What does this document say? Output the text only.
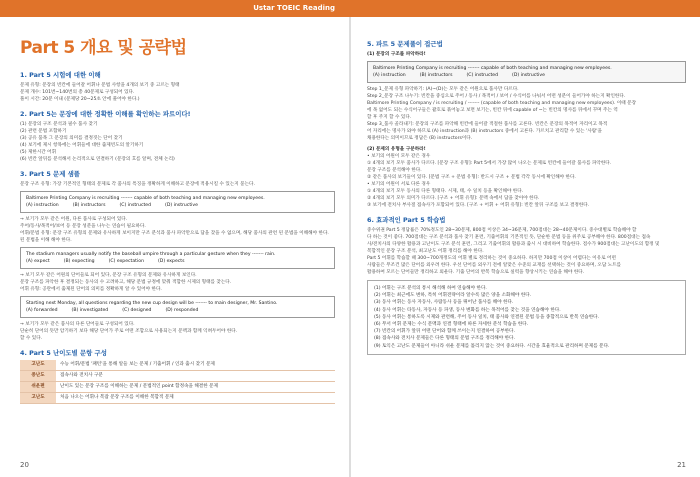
Ustar TOEIC Reading
Part 5 개요 및 공략법
1. Part 5 시험에 대한 이해
문제 유형: 문장의 빈칸에 들어갈 어휘나 문법 사항을 4개의 보기 중 고르는 형태
문제 개수: 101번~140번의 총 40문제로 구성되어 있다.
풀이 시간: 20분 이내 (문제당 20~25초 안에 풀어야 한다.)
2. Part 5는 문장에 대한 정확한 이해를 확인하는 파트이다!
(1) 문장의 구조 분석과 필수 품사 찾기
(2) 관련 문법 포함하기
(3) 공유 품목 그 문장의 의미를 결정짓는 단어 찾기
(4) 보기에 제시 항목에는 어휘들에 대한 출제빈도의 알기하기
(5) 제한시간 어휘
(6) 빈칸 앞뒤를 분석해서 논리적으로 연결하기 (문장의 흐름 알며, 전체 논리)
3. Part 5 문제 샘플
문장 구조 유형: 가장 기본적인 형태의 문제로 각 품사의 특징을 정확하게 이해하고 문장에 적용시킬 수 있는지 묻는다.
Baltimore Printing Company is recruiting ------- capable of both teaching and managing new employees.
(A) instruction	(B) instructors	(C) instructed	(D) instructive
→ 보기가 모두 같은 어원, 다른 품사로 구성되어 있다.
주어/동사/목적어/보어 등 문장 성분을 나누는 연습이 필요하다.
어휘/문법 유형: 문장 구조 유형의 문제와 유사하게 보이지만 구조 분석과 품사 파악만으로 답을 찾을 수 없으며, 해당 품사의 관련 된 문법을 이해해야 한다.
된 문법을 이해 해야 한다.
The stadium managers usually notify the baseball umpire through a particular gesture when they ------- rain.
(A) expect	(B) expecting	(C) expectation	(D) expects
→ 보기 모두 같은 어원의 단어들로 되어 있다, 문장 구조 유형의 문제와 유사하게 보인다.
문장 구조를 파악한 후 결정되는 동사의 수 고려하고, 해당 문법 규정에 맞춰 적합한 시제의 형태를 찾는다.
어휘 유형: 공란에서 출제된 단어의 의미를 정확하게 알 수 있어야 한다.
Starting next Monday, all questions regarding the new cup design will be ------- to main designer, Mr. Santino.
(A) forwarded	(B) investigated	(C) designed	(D) responded
→ 보기가 모두 같은 품사의 다른 단어들로 구성되어 있다.
단순히 단어의 뜻만 암기하기 보다 해당 단어가 주로 어떤 조합으로 사용되는지 문맥과 함께 익혀두어야 한다.
할 수 있다.
4. Part 5 난이도별 문항 구성
고난도	수능 어휘/문법 '패턴'을 통해 알들 보는 문제 / 기출어휘 / 인과 출시 찾기 문제
중난도	접속사와 전치사 구분
쉬운편	난이도 있는 문장 구조를 이해하는 문제 / 문법적인 point 함정속을 해결한 문제
고난도	처음 나오는 어휘나 복잡 문장 구조를 이해한 복합적 문제
20
5. 파트 5 문제풀이 접근법
(1) 문장의 구조를 파악하라!
Baltimore Printing Company is recruiting ------- capable of both teaching and managing new employees.
(A) instruction	(B) instructors	(C) instructed	(D) instructive
Step 1_문제 유형 파악하기: (A)~(D)는 모두 같은 어원으로 품사만 다르다.
Step 2_문장 구조 나누기: 빈칸을 중심으로 주어 / 동사 / 목적어 / 보어 / 수식어를 나눠서 어떤 성분이 들어가야 하는지 확인한다.
Baltimore Printing Company / is recruiting / ------- (capable of both teaching and managing new employees). 이때 문장
에 목 없어도 되는 수식어구들은 괄호로 묶어놓고 보면 보기는, 빈칸 뒤에 capable of ~는 빈칸의 명사를 뒤에서 꾸며 주는 역
할 후 주지 할 수 있다.
Step 3_품사 골라내기: 문장의 구조를 파악해 빈칸에 들어갈 적절한 품사를 고른다. 빈칸은 문장의 목적어 자리이고 목적
어 자리에는 명사가 와야 하므로 (A) instruction과 (B) instructors 중에서 고른다. 가르치고 관리할 수 있는 '사람'을
채용한다는 의미이므로 정답은 (B) instructors이다.
(2) 문제의 유형을 구분하라!
• 보기의 어원이 모두 같은 경우
① 4개의 보기 모두 품사가 다르다. [문장 구조 유형]: Part 5에서 가장 많이 나오는 문제로 빈칸에 들어갈 품사를 파악한다.
문장 구조를 분석해야 한다.
② 같은 품사의 보기들이 있다. [문법 구조 + 문법 유형]: 반드시 구조 + 문법 각각 동시에 확인해야 한다.
• 보기의 어원이 서로 다른 경우
① 4개의 보기 모두 동사의 다른 형태다. 시제, 태, 수 일치 등을 확인해야 한다.
② 4개의 보기 모두 의미가 다르다. [구조 + 어휘 유형]: 문맥 속에서 답을 찾아야 한다.
③ 보기에 전치사 부사절 접속사가 포함되어 있다. [구조 + 어휘 + 어휘 유형]: 빈칸 앞뒤 구조를 보고 결정한다.
6. 효과적인 Part 5 학습법
중수위권 Part 5 정답률은 70%정도인 28~30문제, 800점 이상은 34~36문제, 700점대는 28~40문제이다. 중수대별로 학습해야 할
다 하는 것이 좋다. 700점대는 구조 분석과 품사 찾기 훈련, 기출어휘의 기본적인 뜻, 단순한 문법 등을 위주로 공부해야 한다. 800점대는 접속
사/전치사의 다양한 활용과 고난이도 구조 분석 훈련, 그리고 기출어휘의 활용과 출시 시 대비하여 학습한다. 점수가 900점대는 고난이도의 함정 및
복합적인 문장 구조 분석, 최고난도 어휘 정리를 해야 한다.
Part 5 어휘를 학습할 때 300~700개정도의 어휘 별로 정리하는 것이 중요하다. 하지만 700점 이상이 어렵다는 이유로 어떤
사람들은 무조건 많은 단어를 외우려 한다. 우선 단어를 외우기 전에 알맞은 수준의 교재를 선택하는 것이 중요하며, 오답 노트를
활용하여 모르는 단어들만 정리하고 외운다. 기출 단어의 반복 학습으로 실력을 향상시키는 연습을 해야 한다.
(1) 어휘는 구조 분석의 통시 해석해 하여 연습해야 한다.
(2) 어휘는 최근에도 변하, 특히 어휘전략이라 알수록 많은 양을 소화해야 한다.
(3) 동사 어휘는 동사 자동사, 사람동사 등을 뛰어난 품사를 해야 한다.
(4) 동사 어휘는 타동사, 자동사 등 파생, 동사 변화를 하는 목적어를 찾는 것을 연습해야 한다.
(5) 동사 어휘는 통하도록 시제와 관련해, 주어 동사 일치, 태 품사와 연결된 문법 등을 종합적으로 반복 연습한다.
(6) 무서 어휘 문제는 수식 문맥과 연결 형태에 따른 자세한 분석 학습을 한다.
(7) 빈칸의 어휘가 앞뒤 어떤 단어와 함께 쓰이는지 연결하여 공부한다.
(8) 접속사와 전치사 문제들은 다른 형태의 문법 구조를 정리해야 한다.
(9) 토익은 고난도 문제들이 아니라 쉬운 문제를 틀리지 않는 것이 중요하다. 시간을 효율적으로 관리하며 문제를 푼다.
21
